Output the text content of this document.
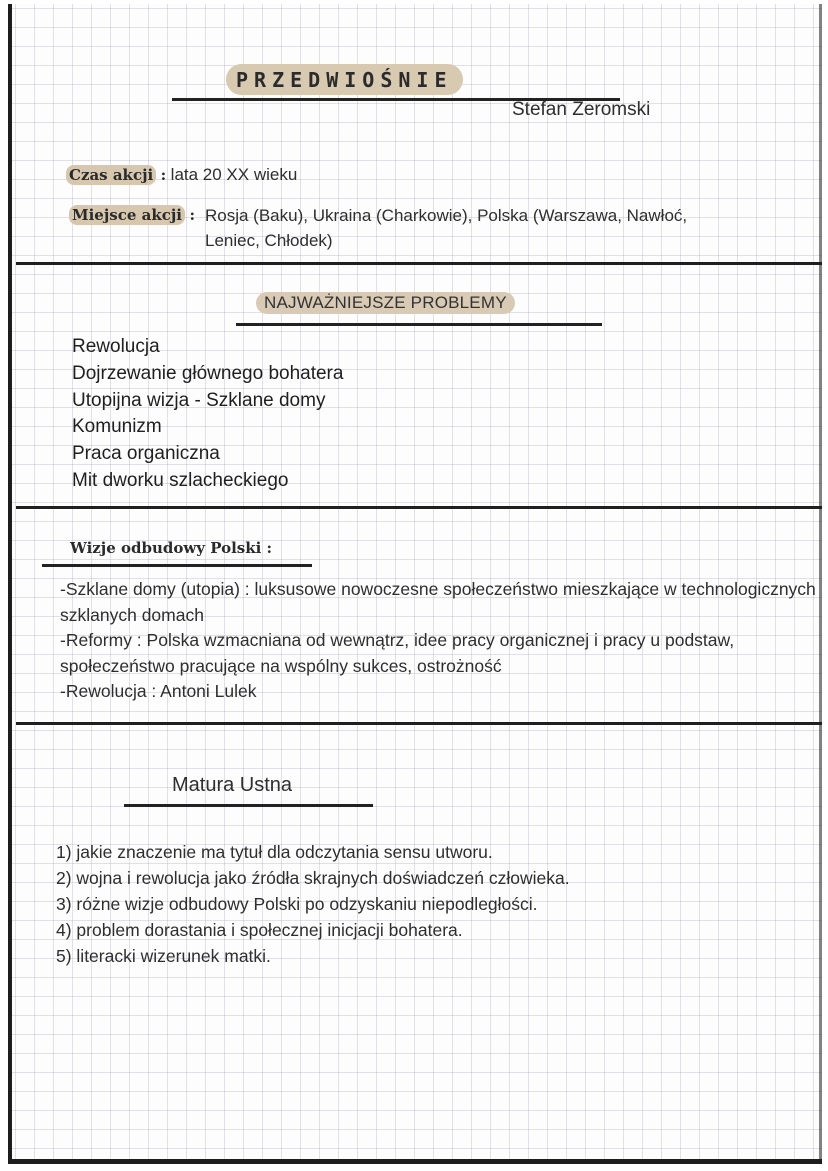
PRZEDWIOŚNIE
Stefan Żeromski
Czas akcji : lata 20 XX wieku
Miejsce akcji : Rosja (Baku), Ukraina (Charkowie), Polska (Warszawa, Nawłoć, Leniec, Chłodek)
NAJWAŻNIEJSZE PROBLEMY
Rewolucja
Dojrzewanie głównego bohatera
Utopijna wizja - Szklane domy
Komunizm
Praca organiczna
Mit dworku szlacheckiego
Wizje odbudowy Polski :

-Szklane domy (utopia) : luksusowe nowoczesne społeczeństwo mieszkające w technologicznych szklanych domach

-Reformy : Polska wzmacniana od wewnątrz, idee pracy organicznej i pracy u podstaw, społeczeństwo pracujące na wspólny sukces, ostrożność

-Rewolucja : Antoni Lulek

Matura Ustna
1) jakie znaczenie ma tytuł dla odczytania sensu utworu.
2) wojna i rewolucja jako źródła skrajnych doświadczeń człowieka.
3) różne wizje odbudowy Polski po odzyskaniu niepodległości.
4) problem dorastania i społecznej inicjacji bohatera.
5) literacki wizerunek matki.
